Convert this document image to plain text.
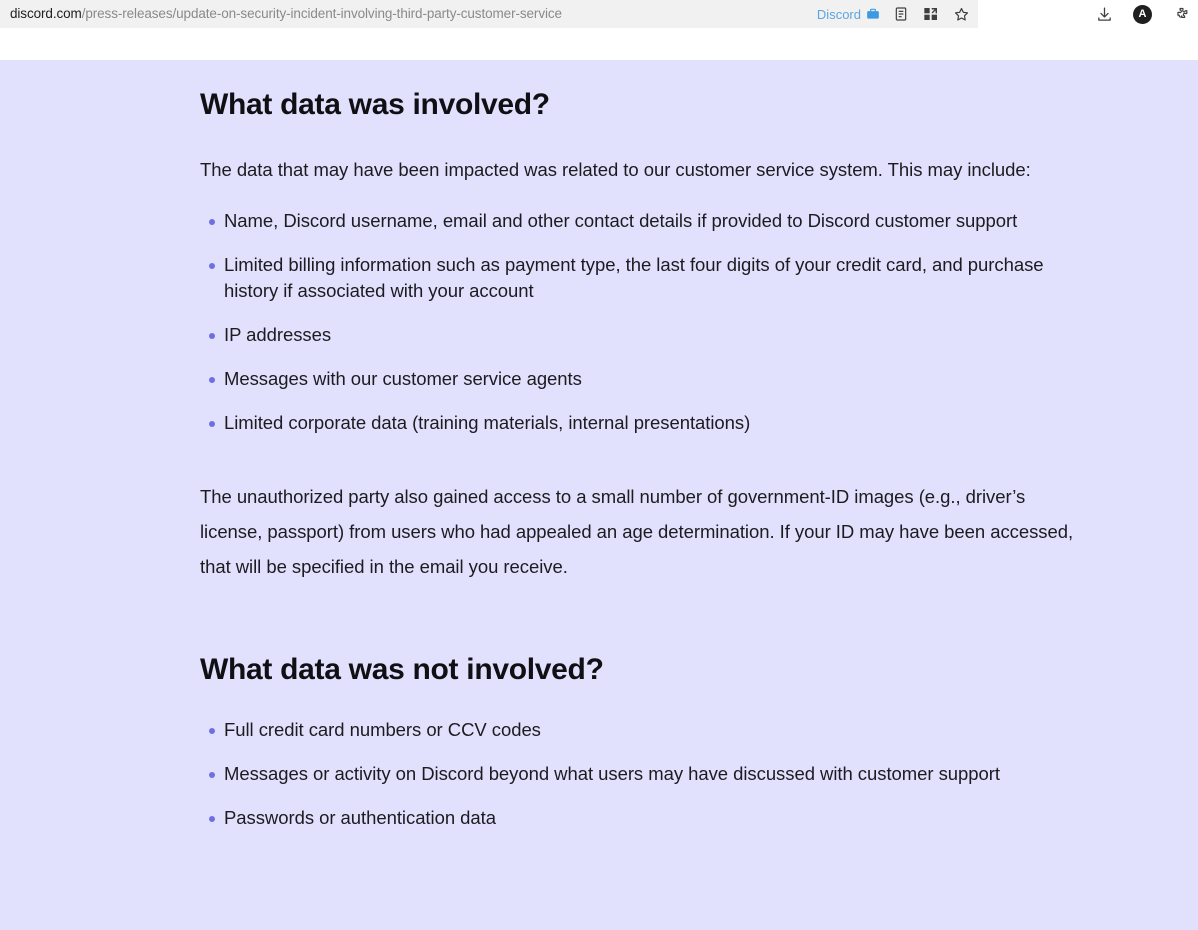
discord.com/press-releases/update-on-security-incident-involving-third-party-customer-service	Discord	A
What data was involved?

The data that may have been impacted was related to our customer service system. This may include:

Name, Discord username, email and other contact details if provided to Discord customer support
Limited billing information such as payment type, the last four digits of your credit card, and purchase history if associated with your account
IP addresses
Messages with our customer service agents
Limited corporate data (training materials, internal presentations)

The unauthorized party also gained access to a small number of government-ID images (e.g., driver’s license, passport) from users who had appealed an age determination. If your ID may have been accessed, that will be specified in the email you receive.

What data was not involved?
Full credit card numbers or CCV codes
Messages or activity on Discord beyond what users may have discussed with customer support
Passwords or authentication data
